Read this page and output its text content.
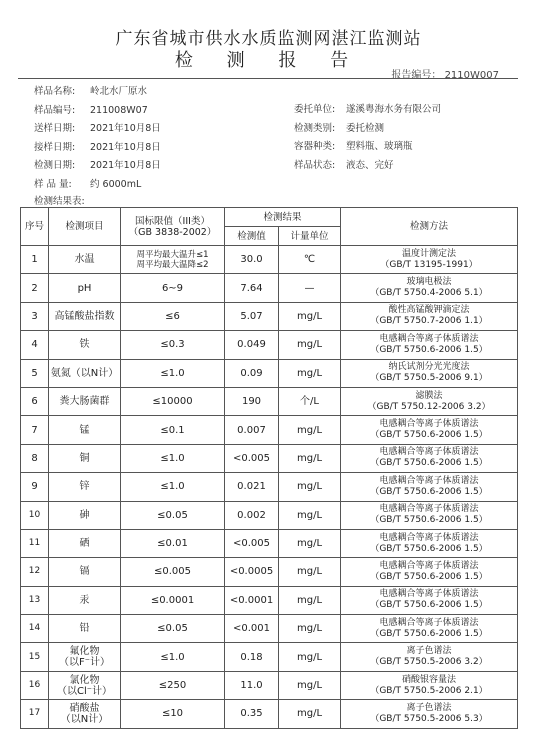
广东省城市供水水质监测网湛江监测站
检 测 报 告
报告编号： 2110W007
样品名称: 岭北水厂原水
样品编号: 211008W07
送样日期: 2021年10月8日
接样日期: 2021年10月8日
检测日期: 2021年10月8日
样 品 量: 约 6000mL
委托单位: 遂溪粤海水务有限公司
检测类别: 委托检测
容器种类: 塑料瓶、玻璃瓶
样品状态: 液态、完好
检测结果表:
序号	检测项目	国标限值（III类）
（GB 3838-2002）	检测结果		检测方法
			检测值	计量单位	
1	水温	周平均最大温升≤1
周平均最大温降≤2	30.0	℃	温度计测定法
（GB/T 13195-1991）
2	pH	6~9	7.64	—	玻璃电极法
（GB/T 5750.4-2006 5.1）
3	高锰酸盐指数	≤6	5.07	mg/L	酸性高锰酸钾滴定法
（GB/T 5750.7-2006 1.1）
4	铁	≤0.3	0.049	mg/L	电感耦合等离子体质谱法
（GB/T 5750.6-2006 1.5）
5	氨氮（以N计）	≤1.0	0.09	mg/L	纳氏试剂分光光度法
（GB/T 5750.5-2006 9.1）
6	粪大肠菌群	≤10000	190	个/L	滤膜法
（GB/T 5750.12-2006 3.2）
7	锰	≤0.1	0.007	mg/L	电感耦合等离子体质谱法
（GB/T 5750.6-2006 1.5）
8	铜	≤1.0	<0.005	mg/L	电感耦合等离子体质谱法
（GB/T 5750.6-2006 1.5）
9	锌	≤1.0	0.021	mg/L	电感耦合等离子体质谱法
（GB/T 5750.6-2006 1.5）
10	砷	≤0.05	0.002	mg/L	电感耦合等离子体质谱法
（GB/T 5750.6-2006 1.5）
11	硒	≤0.01	<0.005	mg/L	电感耦合等离子体质谱法
（GB/T 5750.6-2006 1.5）
12	镉	≤0.005	<0.0005	mg/L	电感耦合等离子体质谱法
（GB/T 5750.6-2006 1.5）
13	汞	≤0.0001	<0.0001	mg/L	电感耦合等离子体质谱法
（GB/T 5750.6-2006 1.5）
14	铅	≤0.05	<0.001	mg/L	电感耦合等离子体质谱法
（GB/T 5750.6-2006 1.5）
15	氟化物
（以F⁻计）	≤1.0	0.18	mg/L	离子色谱法
（GB/T 5750.5-2006 3.2）
16	氯化物
（以Cl⁻计）	≤250	11.0	mg/L	硝酸银容量法
（GB/T 5750.5-2006 2.1）
17	硝酸盐
（以N计）	≤10	0.35	mg/L	离子色谱法
（GB/T 5750.5-2006 5.3）
